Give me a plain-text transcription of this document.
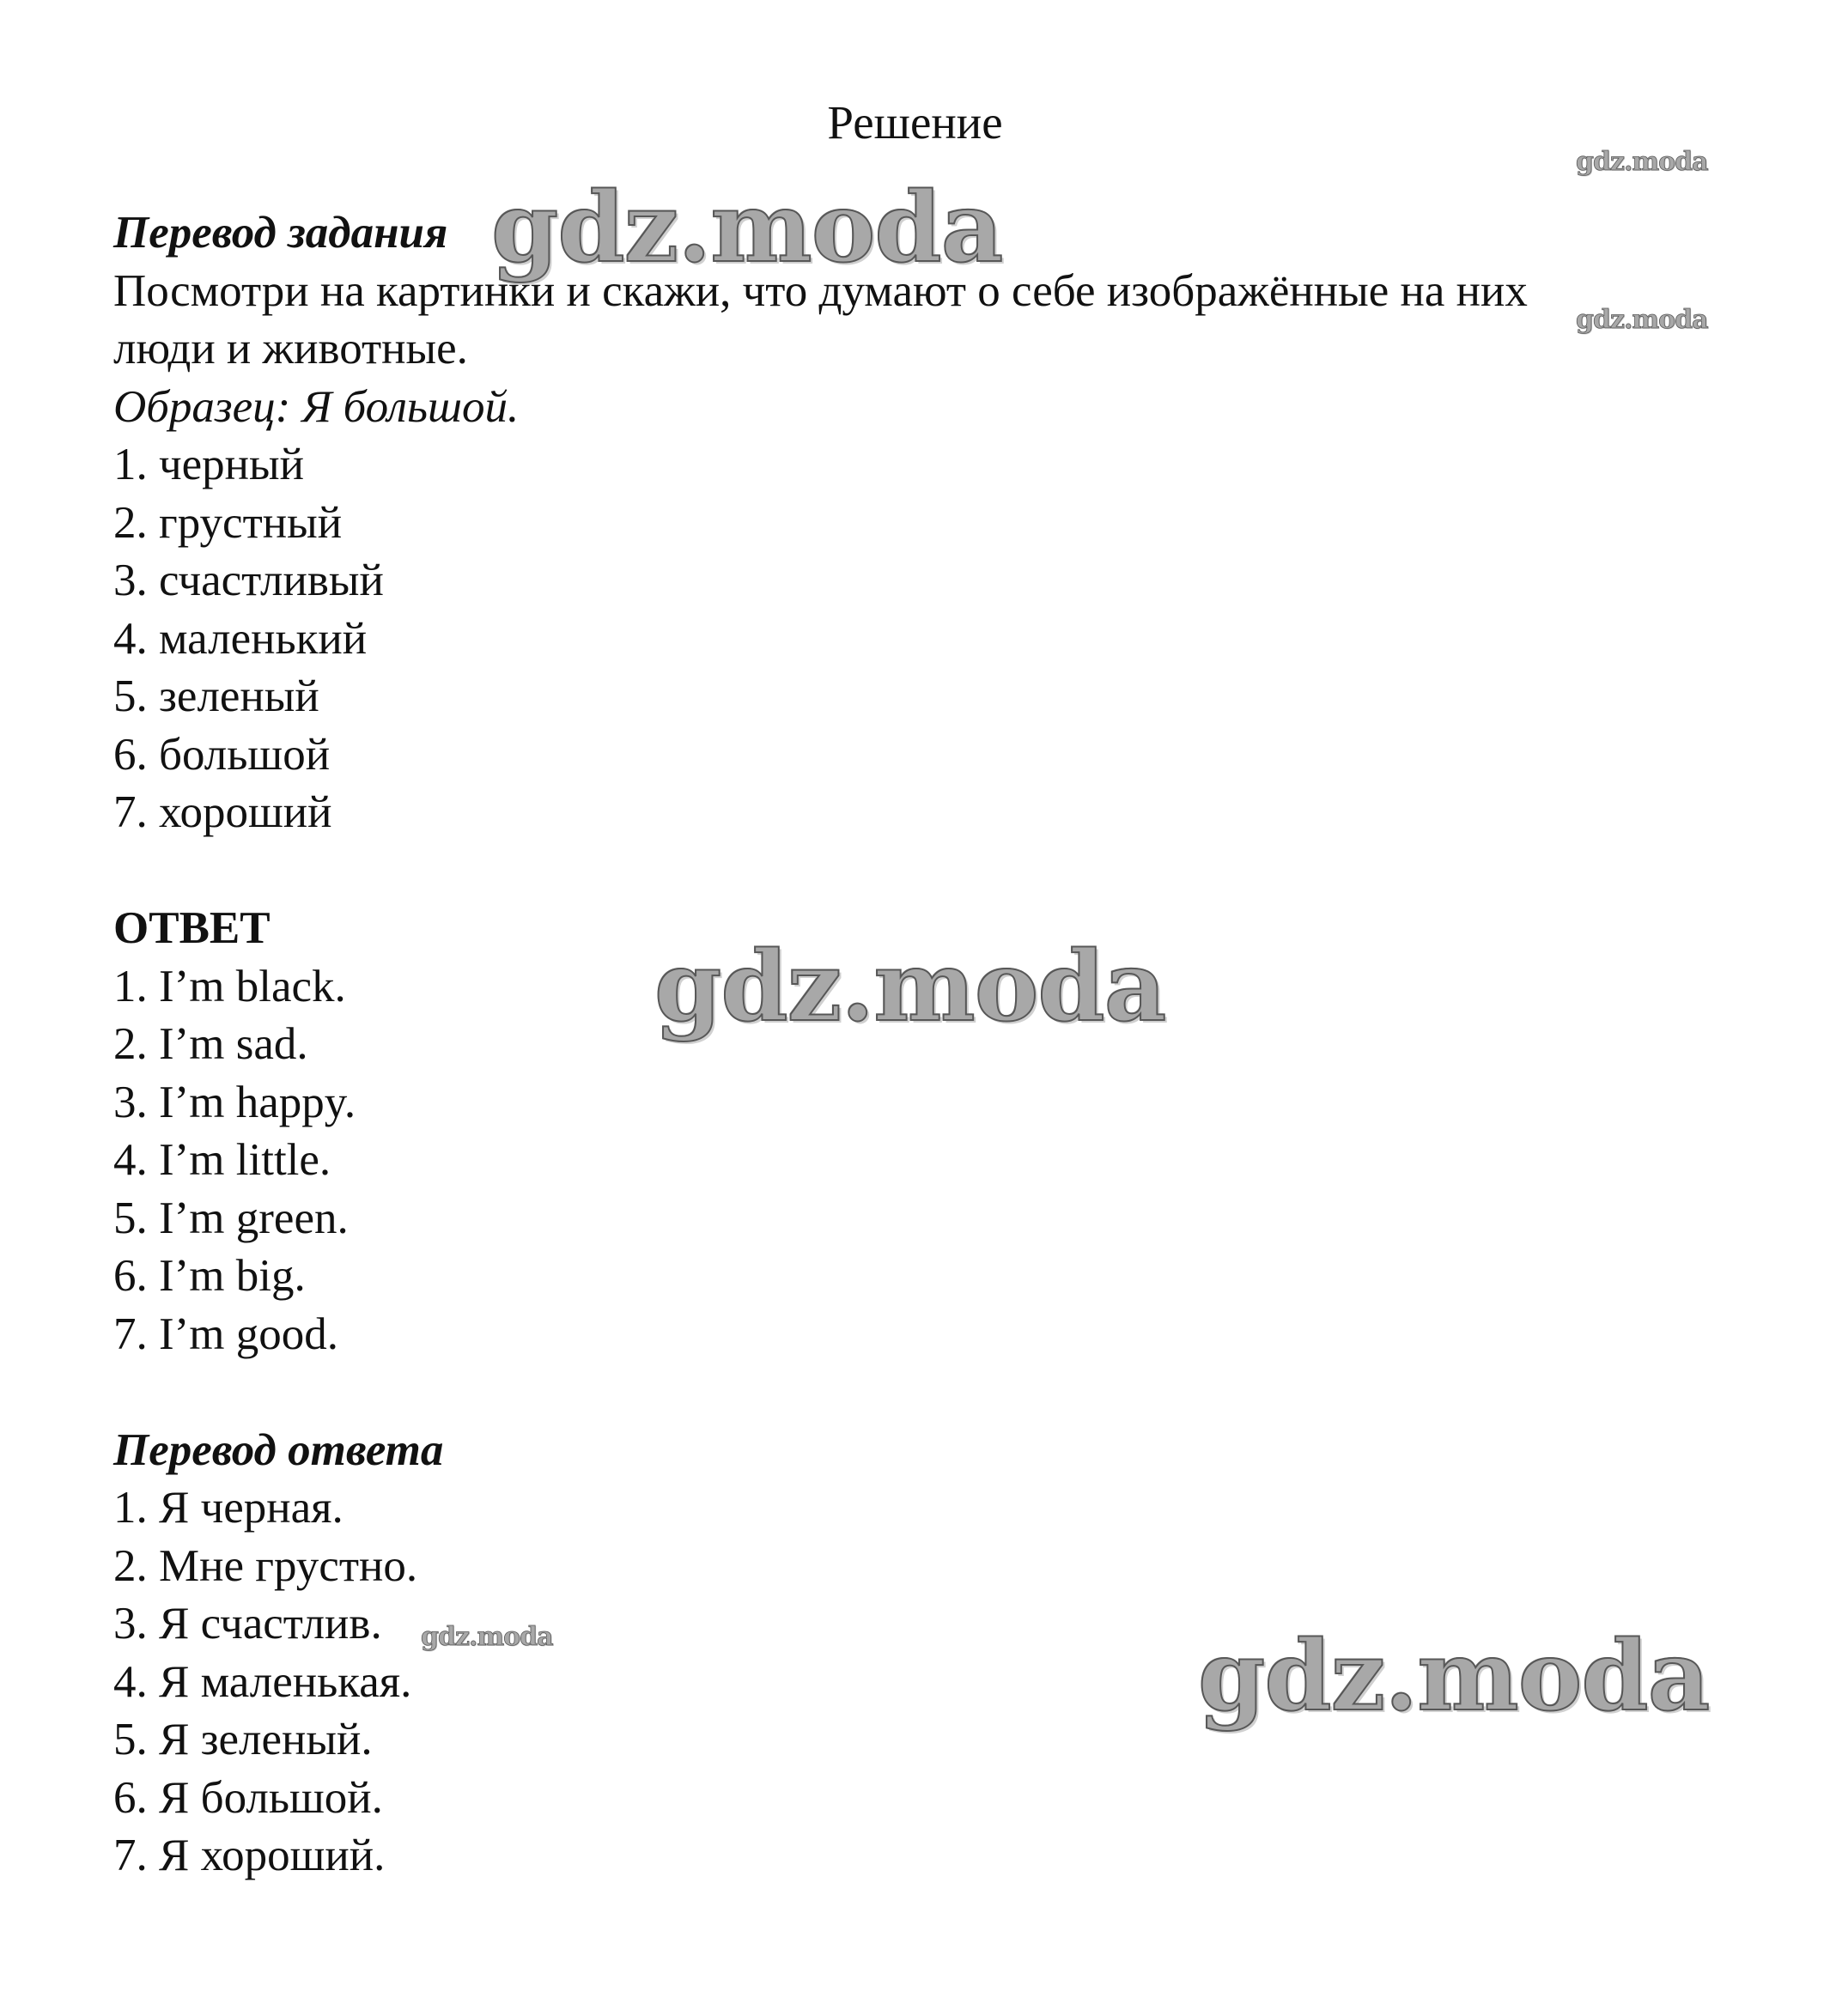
Решение
Перевод задания
Посмотри на картинки и скажи, что думают о себе изображённые на них
люди и животные.
Образец: Я большой.
1. черный
2. грустный
3. счастливый
4. маленький
5. зеленый
6. большой
7. хороший
ОТВЕТ
1. I’m black.
2. I’m sad.
3. I’m happy.
4. I’m little.
5. I’m green.
6. I’m big.
7. I’m good.
Перевод ответа
1. Я черная.
2. Мне грустно.
3. Я счастлив.
4. Я маленькая.
5. Я зеленый.
6. Я большой.
7. Я хороший.
gdz.moda
gdz.moda
gdz.moda
gdz.moda
gdz.moda	gdz.moda
